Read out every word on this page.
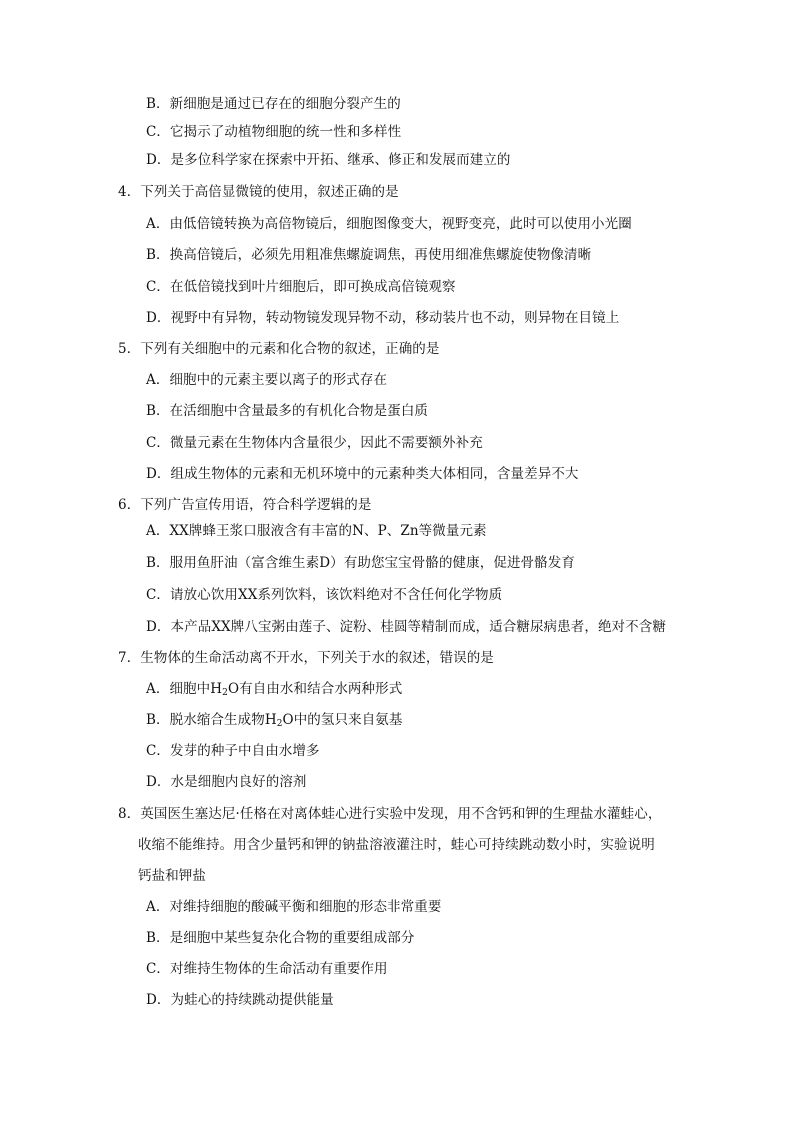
B．新细胞是通过已存在的细胞分裂产生的
C．它揭示了动植物细胞的统一性和多样性
D．是多位科学家在探索中开拓、继承、修正和发展而建立的
4．下列关于高倍显微镜的使用，叙述正确的是
A．由低倍镜转换为高倍物镜后，细胞图像变大，视野变亮，此时可以使用小光圈
B．换高倍镜后，必须先用粗准焦螺旋调焦，再使用细准焦螺旋使物像清晰
C．在低倍镜找到叶片细胞后，即可换成高倍镜观察
D．视野中有异物，转动物镜发现异物不动，移动装片也不动，则异物在目镜上
5．下列有关细胞中的元素和化合物的叙述，正确的是
A．细胞中的元素主要以离子的形式存在
B．在活细胞中含量最多的有机化合物是蛋白质
C．微量元素在生物体内含量很少，因此不需要额外补充
D．组成生物体的元素和无机环境中的元素种类大体相同，含量差异不大
6．下列广告宣传用语，符合科学逻辑的是
A．XX牌蜂王浆口服液含有丰富的N、P、Zn等微量元素
B．服用鱼肝油（富含维生素D）有助您宝宝骨骼的健康，促进骨骼发育
C．请放心饮用XX系列饮料，该饮料绝对不含任何化学物质
D．本产品XX牌八宝粥由莲子、淀粉、桂圆等精制而成，适合糖尿病患者，绝对不含糖
7．生物体的生命活动离不开水，下列关于水的叙述，错误的是
A．细胞中$H_2O$有自由水和结合水两种形式
B．脱水缩合生成物$H_2O$中的氢只来自氨基
C．发芽的种子中自由水增多
D．水是细胞内良好的溶剂
8．英国医生塞达尼·任格在对离体蛙心进行实验中发现，用不含钙和钾的生理盐水灌蛙心，
收缩不能维持。用含少量钙和钾的钠盐溶液灌注时，蛙心可持续跳动数小时，实验说明
钙盐和钾盐
A．对维持细胞的酸碱平衡和细胞的形态非常重要
B．是细胞中某些复杂化合物的重要组成部分
C．对维持生物体的生命活动有重要作用
D．为蛙心的持续跳动提供能量
